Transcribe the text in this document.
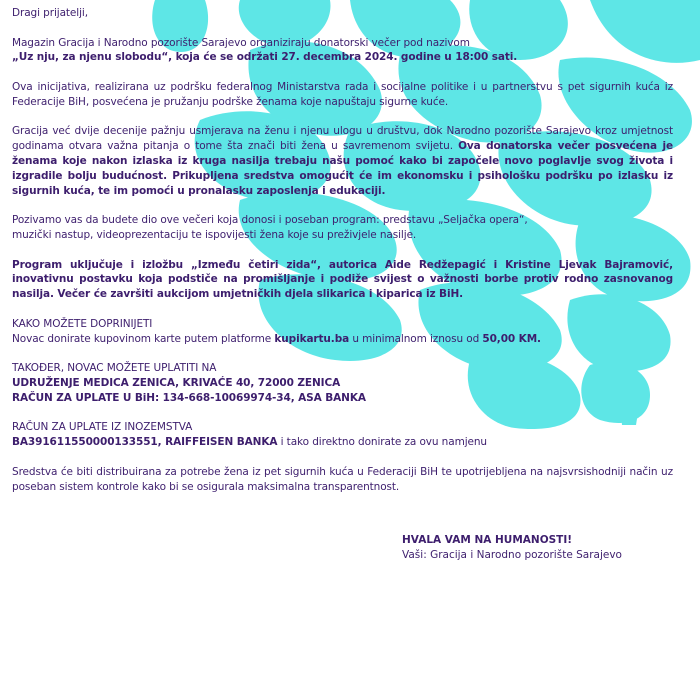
Dragi prijatelji,

Magazin Gracija i Narodno pozorište Sarajevo organiziraju donatorski večer pod nazivom
„Uz nju, za njenu slobodu“, koja će se održati 27. decembra 2024. godine u 18:00 sati.

Ova inicijativa, realizirana uz podršku federalnog Ministarstva rada i socijalne politike i u partnerstvu s pet sigurnih kuća iz Federacije BiH, posvećena je pružanju podrške ženama koje napuštaju sigurne kuće.

Gracija već dvije decenije pažnju usmjerava na ženu i njenu ulogu u društvu, dok Narodno pozorište Sarajevo kroz umjetnost godinama otvara važna pitanja o tome šta znači biti žena u savremenom svijetu. Ova donatorska večer posvećena je ženama koje nakon izlaska iz kruga nasilja trebaju našu pomoć kako bi započele novo poglavlje svog života i izgradile bolju budućnost. Prikupljena sredstva omogućit će im ekonomsku i psihološku podršku po izlasku iz sigurnih kuća, te im pomoći u pronalasku zaposlenja i edukaciji.

Pozivamo vas da budete dio ove večeri koja donosi i poseban program: predstavu „Seljačka opera“,
muzički nastup, videoprezentaciju te ispovijesti žena koje su preživjele nasilje.

Program uključuje i izložbu „Između četiri zida“, autorica Aide Redžepagić i Kristine Ljevak Bajramović, inovativnu postavku koja podstiče na promišljanje i podiže svijest o važnosti borbe protiv rodno zasnovanog nasilja. Večer će završiti aukcijom umjetničkih djela slikarica i kiparica iz BiH.

KAKO MOŽETE DOPRINIJETI
Novac donirate kupovinom karte putem platforme kupikartu.ba u minimalnom iznosu od 50,00 KM.

TAKOĐER, NOVAC MOŽETE UPLATITI NA
UDRUŽENJE MEDICA ZENICA, KRIVAĆE 40, 72000 ZENICA
RAČUN ZA UPLATE U BiH: 134-668-10069974-34, ASA BANKA

RAČUN ZA UPLATE IZ INOZEMSTVA
BA391611550000133551, RAIFFEISEN BANKA i tako direktno donirate za ovu namjenu

Sredstva će biti distribuirana za potrebe žena iz pet sigurnih kuća u Federaciji BiH te upotrijebljena na najsvrsishodniji način uz poseban sistem kontrole kako bi se osigurala maksimalna transparentnost.

HVALA VAM NA HUMANOSTI!
Vaši: Gracija i Narodno pozorište Sarajevo
